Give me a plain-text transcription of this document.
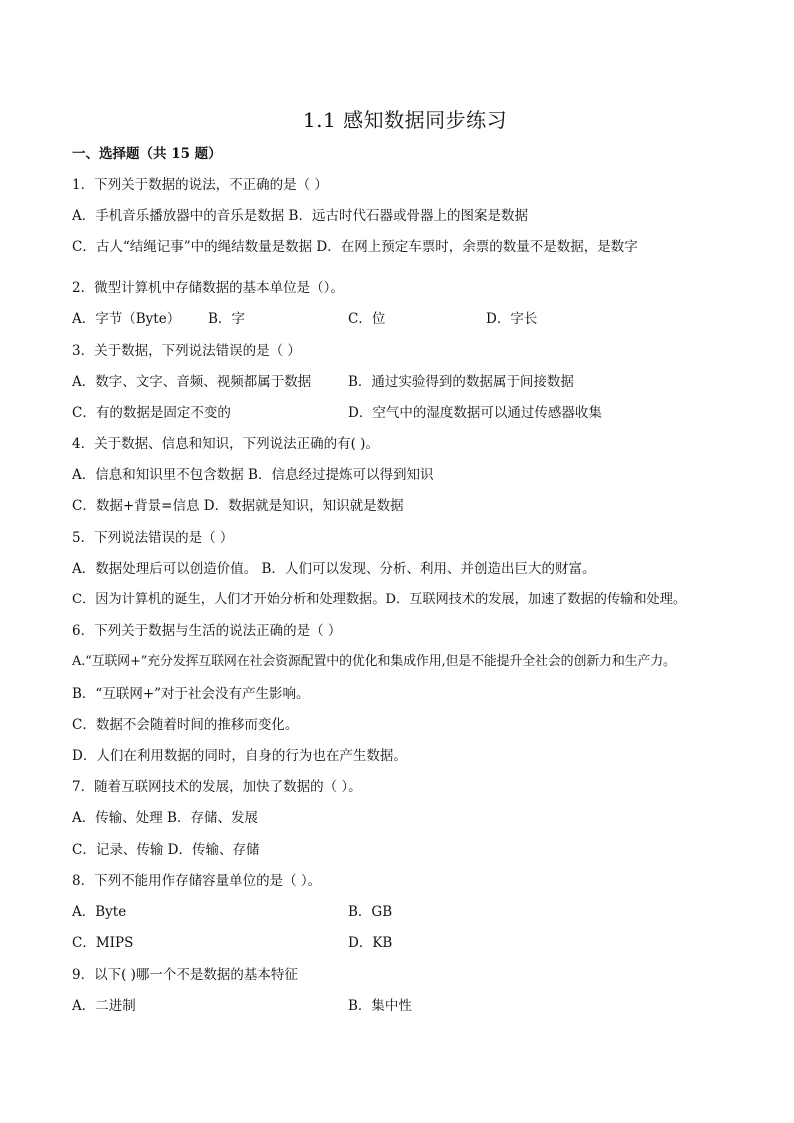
1.1 感知数据同步练习
一、选择题（共 15 题）
1．下列关于数据的说法，不正确的是（ ）
A．手机音乐播放器中的音乐是数据 B．远古时代石器或骨器上的图案是数据
C．古人“结绳记事”中的绳结数量是数据 D．在网上预定车票时，余票的数量不是数据，是数字
2．微型计算机中存储数据的基本单位是（）。
A．字节（Byte） B．字	C．位	D．字长
3．关于数据，下列说法错误的是（ ）
A．数字、文字、音频、视频都属于数据	B．通过实验得到的数据属于间接数据
C．有的数据是固定不变的	D．空气中的湿度数据可以通过传感器收集
4．关于数据、信息和知识，下列说法正确的有( )。
A．信息和知识里不包含数据 B．信息经过提炼可以得到知识
C．数据+背景=信息 D．数据就是知识，知识就是数据
5．下列说法错误的是（ ）
A．数据处理后可以创造价值。 B．人们可以发现、分析、利用、并创造出巨大的财富。
C．因为计算机的诞生，人们才开始分析和处理数据。D．互联网技术的发展，加速了数据的传输和处理。
6．下列关于数据与生活的说法正确的是（ ）
A.“互联网+”充分发挥互联网在社会资源配置中的优化和集成作用,但是不能提升全社会的创新力和生产力。
B．“互联网+”对于社会没有产生影响。
C．数据不会随着时间的推移而变化。
D．人们在利用数据的同时，自身的行为也在产生数据。
7．随着互联网技术的发展，加快了数据的（ ）。
A．传输、处理 B．存储、发展
C．记录、传输 D．传输、存储
8．下列不能用作存储容量单位的是（ ）。
A．Byte	B．GB
C．MIPS	D．KB
9．以下( )哪一个不是数据的基本特征
A．二进制	B．集中性
